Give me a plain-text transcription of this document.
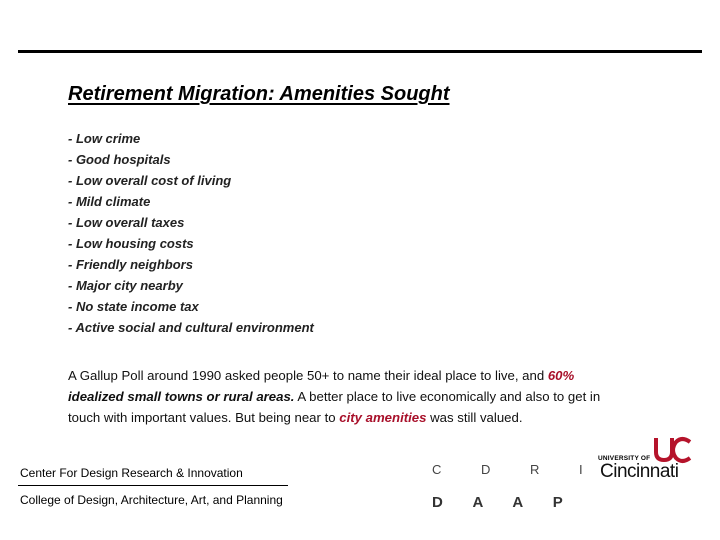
Retirement Migration: Amenities Sought
- Low crime
- Good hospitals
- Low overall cost of living
- Mild climate
- Low overall taxes
- Low housing costs
- Friendly neighbors
- Major city nearby
- No state income tax
- Active social and cultural environment

A Gallup Poll around 1990 asked people 50+ to name their ideal place to live, and 60% idealized small towns or rural areas. A better place to live economically and also to get in touch with important values. But being near to city amenities was still valued.

Center For Design Research & Innovation
College of Design, Architecture, Art, and Planning
C D R I
D A A P
UNIVERSITY OF
Cincinnati
